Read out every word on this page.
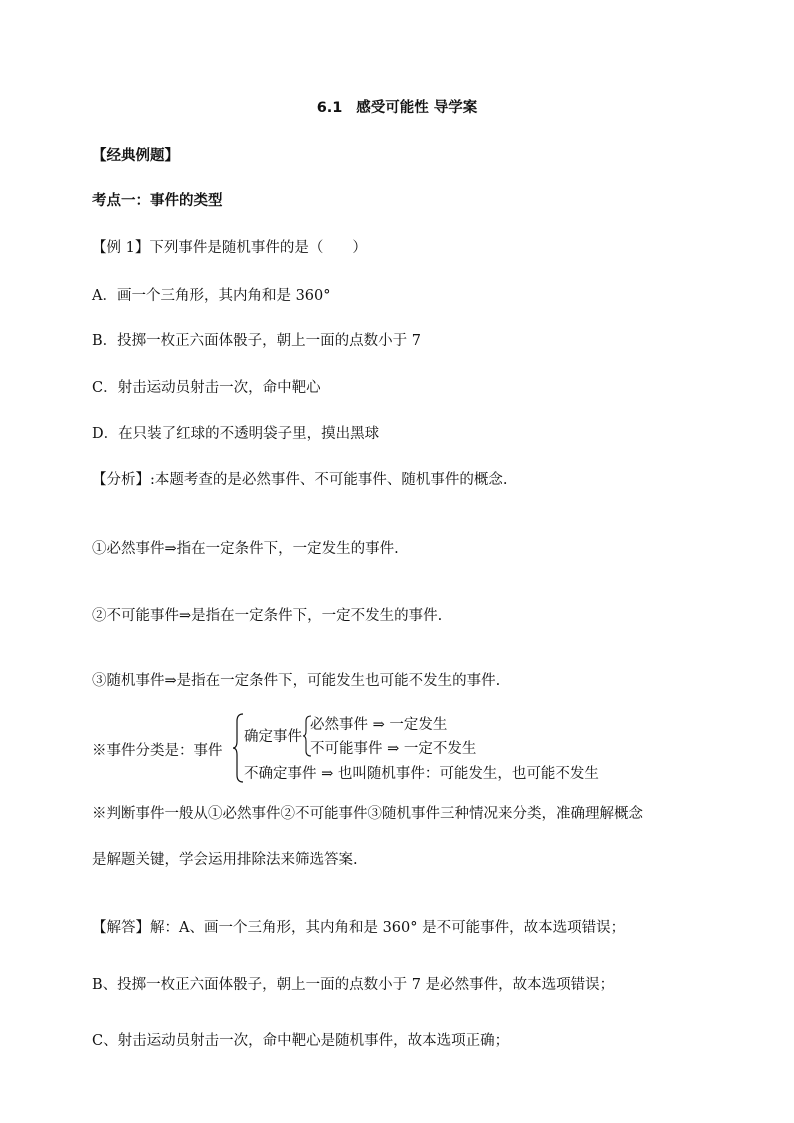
6.1 感受可能性 导学案
【经典例题】
考点一：事件的类型
【例 1】下列事件是随机事件的是（　　）
A．画一个三角形，其内角和是 360°
B．投掷一枚正六面体骰子，朝上一面的点数小于 7
C．射击运动员射击一次，命中靶心
D．在只装了红球的不透明袋子里，摸出黑球
【分析】:本题考查的是必然事件、不可能事件、随机事件的概念.
①必然事件⇒指在一定条件下，一定发生的事件.
②不可能事件⇒是指在一定条件下，一定不发生的事件.
③随机事件⇒是指在一定条件下，可能发生也可能不发生的事件.
※事件分类是：事件
确定事件
必然事件 ⇒ 一定发生
不可能事件 ⇒ 一定不发生
不确定事件 ⇒ 也叫随机事件：可能发生，也可能不发生
※判断事件一般从①必然事件②不可能事件③随机事件三种情况来分类，准确理解概念
是解题关键，学会运用排除法来筛选答案.
【解答】解：A、画一个三角形，其内角和是 360° 是不可能事件，故本选项错误；
B、投掷一枚正六面体骰子，朝上一面的点数小于 7 是必然事件，故本选项错误；
C、射击运动员射击一次，命中靶心是随机事件，故本选项正确；
